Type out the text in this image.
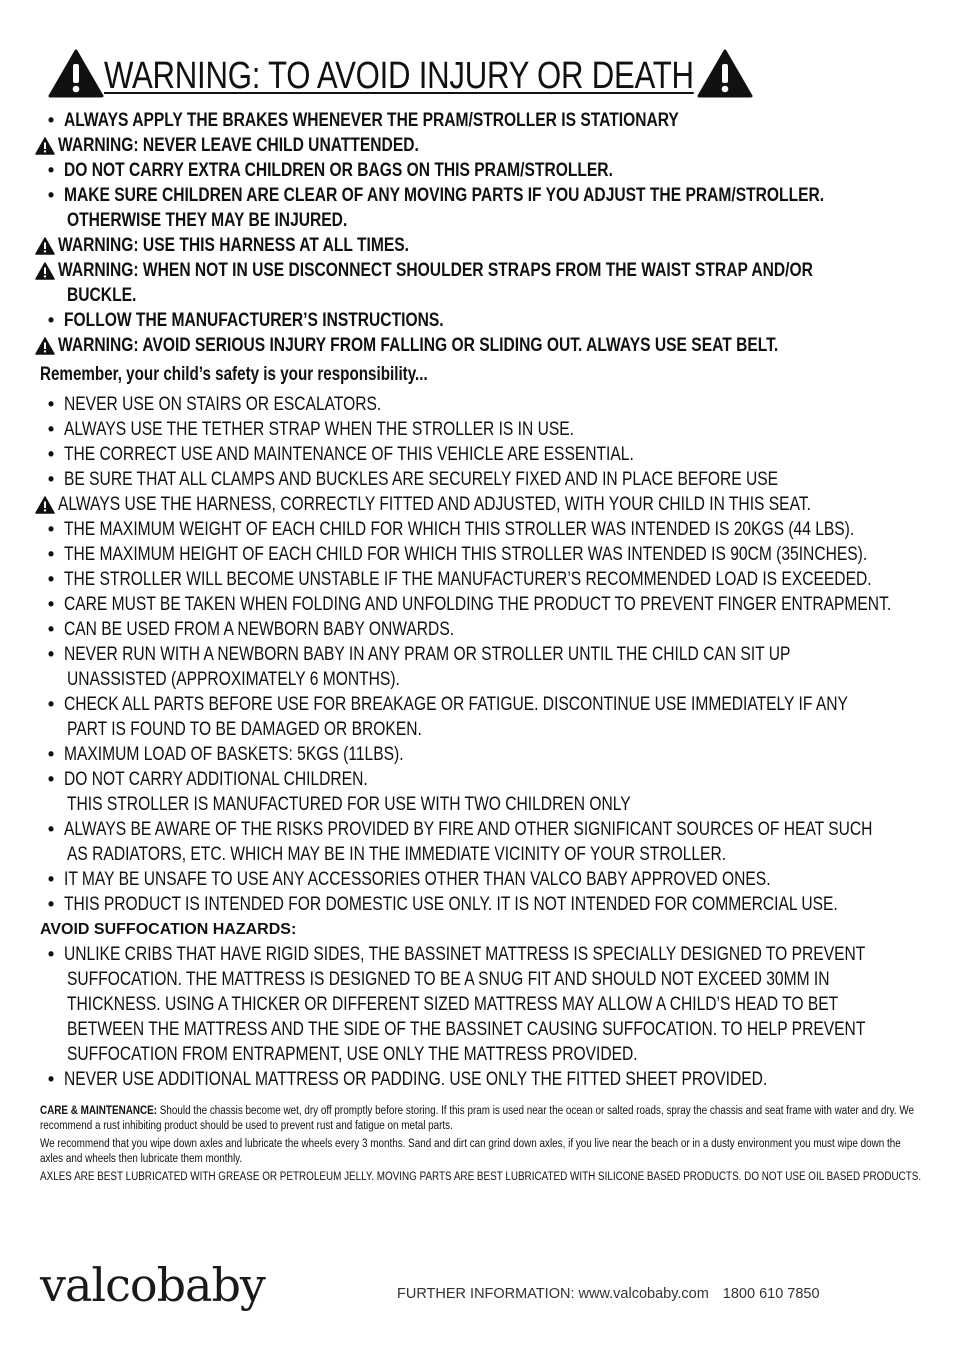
WARNING: TO AVOID INJURY OR DEATH
• ALWAYS APPLY THE BRAKES WHENEVER THE PRAM/STROLLER IS STATIONARY
WARNING: NEVER LEAVE CHILD UNATTENDED.
• DO NOT CARRY EXTRA CHILDREN OR BAGS ON THIS PRAM/STROLLER.
• MAKE SURE CHILDREN ARE CLEAR OF ANY MOVING PARTS IF YOU ADJUST THE PRAM/STROLLER.
OTHERWISE THEY MAY BE INJURED.
WARNING: USE THIS HARNESS AT ALL TIMES.
WARNING: WHEN NOT IN USE DISCONNECT SHOULDER STRAPS FROM THE WAIST STRAP AND/OR
BUCKLE.
• FOLLOW THE MANUFACTURER’S INSTRUCTIONS.
WARNING: AVOID SERIOUS INJURY FROM FALLING OR SLIDING OUT. ALWAYS USE SEAT BELT.
Remember, your child’s safety is your responsibility...
• NEVER USE ON STAIRS OR ESCALATORS.
• ALWAYS USE THE TETHER STRAP WHEN THE STROLLER IS IN USE.
• THE CORRECT USE AND MAINTENANCE OF THIS VEHICLE ARE ESSENTIAL.
• BE SURE THAT ALL CLAMPS AND BUCKLES ARE SECURELY FIXED AND IN PLACE BEFORE USE
ALWAYS USE THE HARNESS, CORRECTLY FITTED AND ADJUSTED, WITH YOUR CHILD IN THIS SEAT.
• THE MAXIMUM WEIGHT OF EACH CHILD FOR WHICH THIS STROLLER WAS INTENDED IS 20KGS (44 LBS).
• THE MAXIMUM HEIGHT OF EACH CHILD FOR WHICH THIS STROLLER WAS INTENDED IS 90CM (35INCHES).
• THE STROLLER WILL BECOME UNSTABLE IF THE MANUFACTURER’S RECOMMENDED LOAD IS EXCEEDED.
• CARE MUST BE TAKEN WHEN FOLDING AND UNFOLDING THE PRODUCT TO PREVENT FINGER ENTRAPMENT.
• CAN BE USED FROM A NEWBORN BABY ONWARDS.
• NEVER RUN WITH A NEWBORN BABY IN ANY PRAM OR STROLLER UNTIL THE CHILD CAN SIT UP
UNASSISTED (APPROXIMATELY 6 MONTHS).
• CHECK ALL PARTS BEFORE USE FOR BREAKAGE OR FATIGUE. DISCONTINUE USE IMMEDIATELY IF ANY
PART IS FOUND TO BE DAMAGED OR BROKEN.
• MAXIMUM LOAD OF BASKETS: 5KGS (11LBS).
• DO NOT CARRY ADDITIONAL CHILDREN.
THIS STROLLER IS MANUFACTURED FOR USE WITH TWO CHILDREN ONLY
• ALWAYS BE AWARE OF THE RISKS PROVIDED BY FIRE AND OTHER SIGNIFICANT SOURCES OF HEAT SUCH
AS RADIATORS, ETC. WHICH MAY BE IN THE IMMEDIATE VICINITY OF YOUR STROLLER.
• IT MAY BE UNSAFE TO USE ANY ACCESSORIES OTHER THAN VALCO BABY APPROVED ONES.
• THIS PRODUCT IS INTENDED FOR DOMESTIC USE ONLY. IT IS NOT INTENDED FOR COMMERCIAL USE.
AVOID SUFFOCATION HAZARDS:
• UNLIKE CRIBS THAT HAVE RIGID SIDES, THE BASSINET MATTRESS IS SPECIALLY DESIGNED TO PREVENT
SUFFOCATION. THE MATTRESS IS DESIGNED TO BE A SNUG FIT AND SHOULD NOT EXCEED 30MM IN
THICKNESS. USING A THICKER OR DIFFERENT SIZED MATTRESS MAY ALLOW A CHILD’S HEAD TO BET
BETWEEN THE MATTRESS AND THE SIDE OF THE BASSINET CAUSING SUFFOCATION. TO HELP PREVENT
SUFFOCATION FROM ENTRAPMENT, USE ONLY THE MATTRESS PROVIDED.
• NEVER USE ADDITIONAL MATTRESS OR PADDING. USE ONLY THE FITTED SHEET PROVIDED.

CARE & MAINTENANCE: Should the chassis become wet, dry off promptly before storing. If this pram is used near the ocean or salted roads, spray the chassis and seat frame with water and dry. We recommend a rust inhibiting product should be used to prevent rust and fatigue on metal parts.

We recommend that you wipe down axles and lubricate the wheels every 3 months. Sand and dirt can grind down axles, if you live near the beach or in a dusty environment you must wipe down the axles and wheels then lubricate them monthly.

AXLES ARE BEST LUBRICATED WITH GREASE OR PETROLEUM JELLY. MOVING PARTS ARE BEST LUBRICATED WITH SILICONE BASED PRODUCTS. DO NOT USE OIL BASED PRODUCTS.

valcobaby	FURTHER INFORMATION: www.valcobaby.com 1800 610 7850
